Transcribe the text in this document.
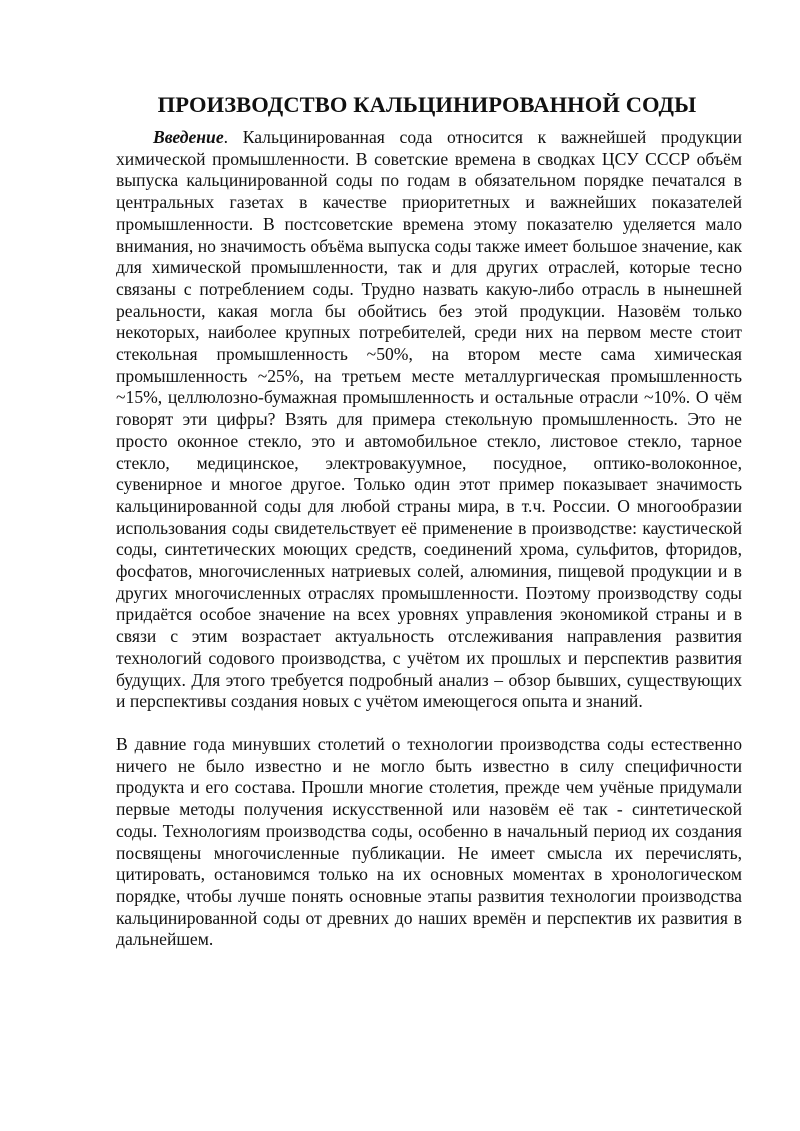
ПРОИЗВОДСТВО КАЛЬЦИНИРОВАННОЙ СОДЫ

Введение. Кальцинированная сода относится к важнейшей продукции химической промышленности. В советские времена в сводках ЦСУ СССР объём выпуска кальцинированной соды по годам в обязательном порядке печатался в центральных газетах в качестве приоритетных и важнейших показателей промышленности. В постсоветские времена этому показателю уделяется мало внимания, но значимость объёма выпуска соды также имеет большое значение, как для химической промышленности, так и для других отраслей, которые тесно связаны с потреблением соды. Трудно назвать какую-либо отрасль в нынешней реальности, какая могла бы обойтись без этой продукции. Назовём только некоторых, наиболее крупных потребителей, среди них на первом месте стоит стекольная промышленность ~50%, на втором месте сама химическая промышленность ~25%, на третьем месте металлургическая промышленность ~15%, целлюлозно-бумажная промышленность и остальные отрасли ~10%. О чём говорят эти цифры? Взять для примера стекольную промышленность. Это не просто оконное стекло, это и автомобильное стекло, листовое стекло, тарное стекло, медицинское, электровакуумное, посудное, оптико-волоконное, сувенирное и многое другое. Только один этот пример показывает значимость кальцинированной соды для любой страны мира, в т.ч. России. О многообразии использования соды свидетельствует её применение в производстве: каустической соды, синтетических моющих средств, соединений хрома, сульфитов, фторидов, фосфатов, многочисленных натриевых солей, алюминия, пищевой продукции и в других многочисленных отраслях промышленности. Поэтому производству соды придаётся особое значение на всех уровнях управления экономикой страны и в связи с этим возрастает актуальность отслеживания направления развития технологий содового производства, с учётом их прошлых и перспектив развития будущих. Для этого требуется подробный анализ – обзор бывших, существующих и перспективы создания новых с учётом имеющегося опыта и знаний.

В давние года минувших столетий о технологии производства соды естественно ничего не было известно и не могло быть известно в силу специфичности продукта и его состава. Прошли многие столетия, прежде чем учёные придумали первые методы получения искусственной или назовём её так - синтетической соды. Технологиям производства соды, особенно в начальный период их создания посвящены многочисленные публикации. Не имеет смысла их перечислять, цитировать, остановимся только на их основных моментах в хронологическом порядке, чтобы лучше понять основные этапы развития технологии производства кальцинированной соды от древних до наших времён и перспектив их развития в дальнейшем.
